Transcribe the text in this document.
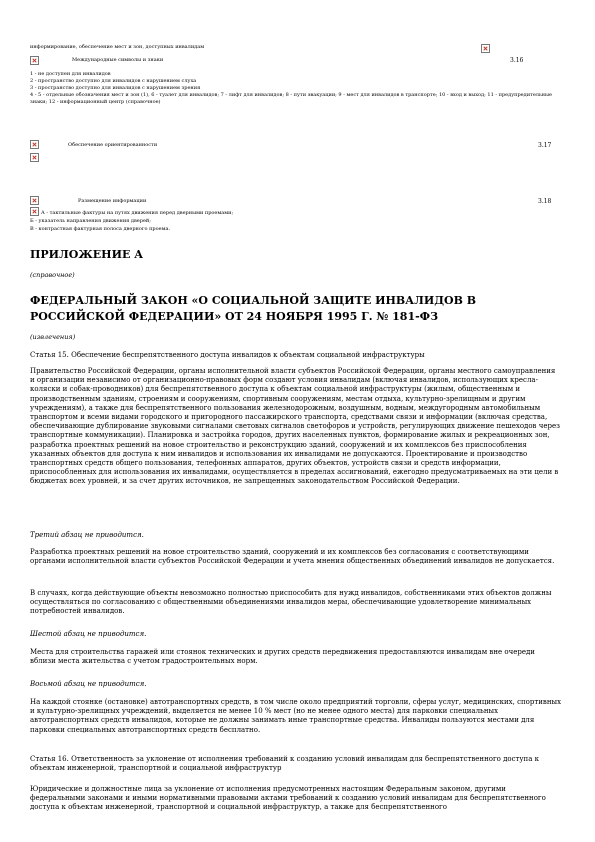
информирование, обеспечение мест и зон, доступных инвалидам
Международные символы и знаки	3.16
1 - не доступен для инвалидов
2 - пространство доступно для инвалидов с нарушением слуха
3 - пространство доступно для инвалидов с нарушением зрения
4 - 5 - отдельные обозначения мест и зон (1), 6 - туалет для инвалидов; 7 - лифт для инвалидов; 8 - пути эвакуации; 9 - мест для инвалидов в транспорте; 10 - вход и выход; 11 - предупредительные знаки; 12 - информационный центр (справочное)
Обеспечение ориентированности	3.17
Размещение информации	3.18
А - тактильные фактуры на путях движения перед дверными проемами;
Б - указатель направления движения дверей;
В - контрастная фактурная полоса дверного проема.
ПРИЛОЖЕНИЕ А
(справочное)
ФЕДЕРАЛЬНЫЙ ЗАКОН «О СОЦИАЛЬНОЙ ЗАЩИТЕ ИНВАЛИДОВ В РОССИЙСКОЙ ФЕДЕРАЦИИ» ОТ 24 НОЯБРЯ 1995 Г. № 181-ФЗ
(извлечения)
Статья 15. Обеспечение беспрепятственного доступа инвалидов к объектам социальной инфраструктуры
Правительство Российской Федерации, органы исполнительной власти субъектов Российской Федерации, органы местного самоуправления и организации независимо от организационно-правовых форм создают условия инвалидам (включая инвалидов, использующих кресла-коляски и собак-проводников) для беспрепятственного доступа к объектам социальной инфраструктуры (жилым, общественным и производственным зданиям, строениям и сооружениям, спортивным сооружениям, местам отдыха, культурно-зрелищным и другим учреждениям), а также для беспрепятственного пользования железнодорожным, воздушным, водным, междугородным автомобильным транспортом и всеми видами городского и пригородного пассажирского транспорта, средствами связи и информации (включая средства, обеспечивающие дублирование звуковыми сигналами световых сигналов светофоров и устройств, регулирующих движение пешеходов через транспортные коммуникации). Планировка и застройка городов, других населенных пунктов, формирование жилых и рекреационных зон, разработка проектных решений на новое строительство и реконструкцию зданий, сооружений и их комплексов без приспособления указанных объектов для доступа к ним инвалидов и использования их инвалидами не допускаются. Проектирование и производство транспортных средств общего пользования, телефонных аппаратов, других объектов, устройств связи и средств информации, приспособленных для использования их инвалидами, осуществляется в пределах ассигнований, ежегодно предусматриваемых на эти цели в бюджетах всех уровней, и за счет других источников, не запрещенных законодательством Российской Федерации.
Третий абзац не приводится.
Разработка проектных решений на новое строительство зданий, сооружений и их комплексов без согласования с соответствующими органами исполнительной власти субъектов Российской Федерации и учета мнения общественных объединений инвалидов не допускается.
В случаях, когда действующие объекты невозможно полностью приспособить для нужд инвалидов, собственниками этих объектов должны осуществляться по согласованию с общественными объединениями инвалидов меры, обеспечивающие удовлетворение минимальных потребностей инвалидов.
Шестой абзац не приводится.
Места для строительства гаражей или стоянок технических и других средств передвижения предоставляются инвалидам вне очереди вблизи места жительства с учетом градостроительных норм.
Восьмой абзац не приводится.
На каждой стоянке (остановке) автотранспортных средств, в том числе около предприятий торговли, сферы услуг, медицинских, спортивных и культурно-зрелищных учреждений, выделяется не менее 10 % мест (но не менее одного места) для парковки специальных автотранспортных средств инвалидов, которые не должны занимать иные транспортные средства. Инвалиды пользуются местами для парковки специальных автотранспортных средств бесплатно.
Статья 16. Ответственность за уклонение от исполнения требований к созданию условий инвалидам для беспрепятственного доступа к объектам инженерной, транспортной и социальной инфраструктур
Юридические и должностные лица за уклонение от исполнения предусмотренных настоящим Федеральным законом, другими федеральными законами и иными нормативными правовыми актами требований к созданию условий инвалидам для беспрепятственного доступа к объектам инженерной, транспортной и социальной инфраструктур, а также для беспрепятственного
